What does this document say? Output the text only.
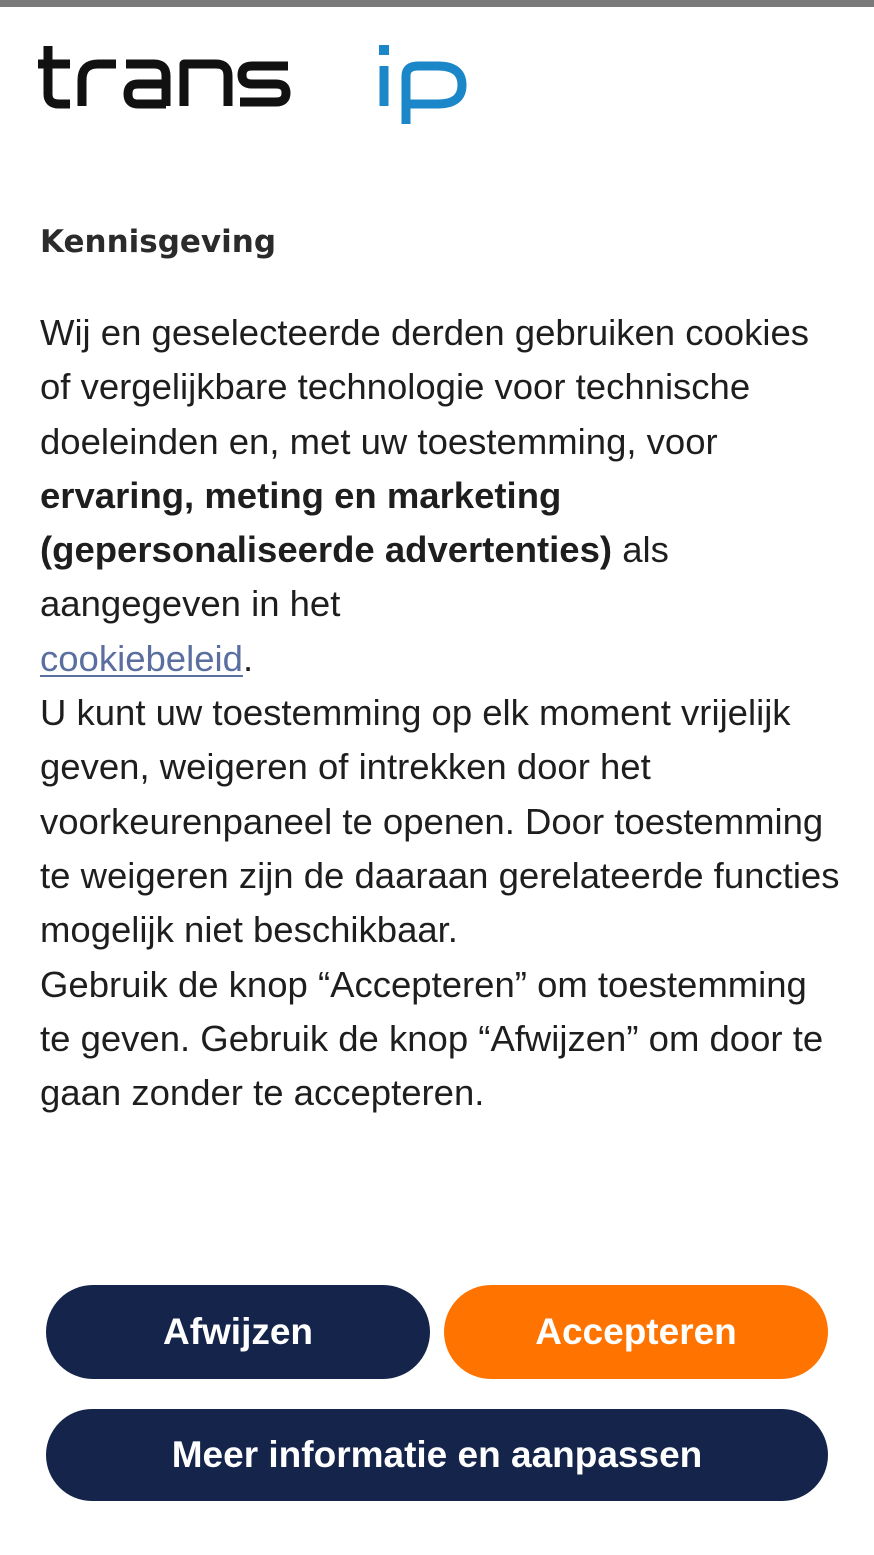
Kennisgeving

Wij en geselecteerde derden gebruiken cookies of vergelijkbare technologie voor technische doeleinden en, met uw toestemming, voor ervaring, meting en marketing (gepersonaliseerde advertenties) als aangegeven in het
cookiebeleid.

U kunt uw toestemming op elk moment vrijelijk geven, weigeren of intrekken door het voorkeurenpaneel te openen. Door toestemming te weigeren zijn de daaraan gerelateerde functies mogelijk niet beschikbaar.

Gebruik de knop “Accepteren” om toestemming te geven. Gebruik de knop “Afwijzen” om door te gaan zonder te accepteren.

Afwijzen	Accepteren
Meer informatie en aanpassen
